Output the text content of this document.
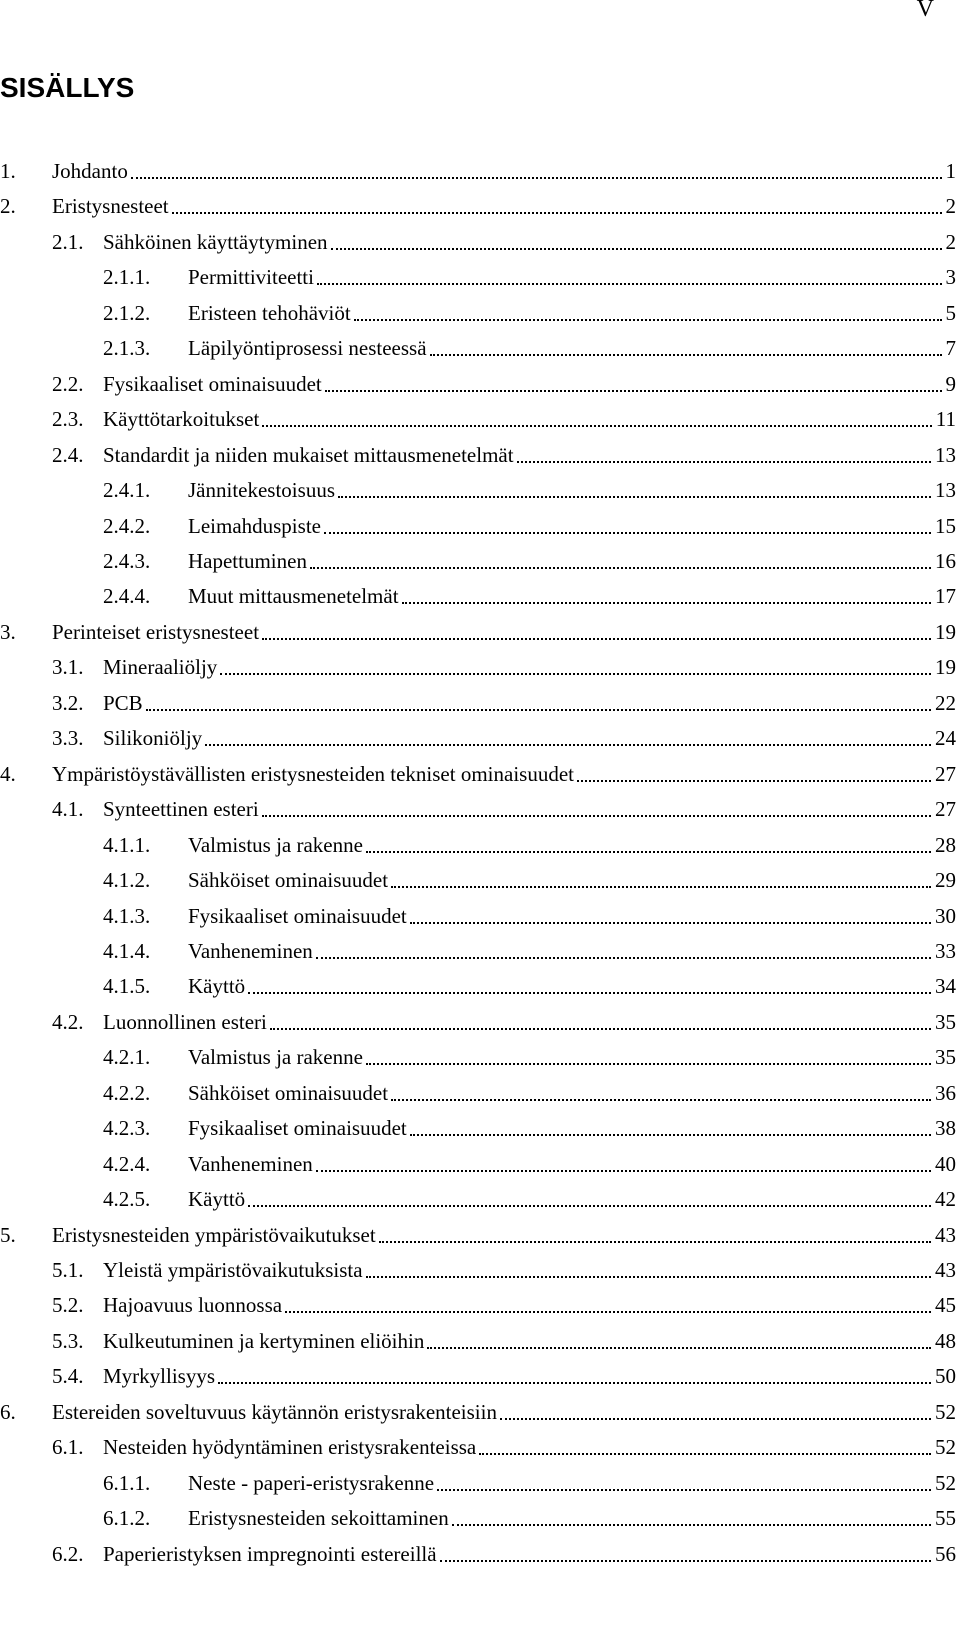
V
SISÄLLYS
1. Johdanto	1
2. Eristysnesteet	2
2.1. Sähköinen käyttäytyminen	2
2.1.1. Permittiviteetti	3
2.1.2. Eristeen tehohäviöt	5
2.1.3. Läpilyöntiprosessi nesteessä	7
2.2. Fysikaaliset ominaisuudet	9
2.3. Käyttötarkoitukset	11
2.4. Standardit ja niiden mukaiset mittausmenetelmät	13
2.4.1. Jännitekestoisuus	13
2.4.2. Leimahduspiste	15
2.4.3. Hapettuminen	16
2.4.4. Muut mittausmenetelmät	17
3. Perinteiset eristysnesteet	19
3.1. Mineraaliöljy	19
3.2. PCB	22
3.3. Silikoniöljy	24
4. Ympäristöystävällisten eristysnesteiden tekniset ominaisuudet	27
4.1. Synteettinen esteri	27
4.1.1. Valmistus ja rakenne	28
4.1.2. Sähköiset ominaisuudet	29
4.1.3. Fysikaaliset ominaisuudet	30
4.1.4. Vanheneminen	33
4.1.5. Käyttö	34
4.2. Luonnollinen esteri	35
4.2.1. Valmistus ja rakenne	35
4.2.2. Sähköiset ominaisuudet	36
4.2.3. Fysikaaliset ominaisuudet	38
4.2.4. Vanheneminen	40
4.2.5. Käyttö	42
5. Eristysnesteiden ympäristövaikutukset	43
5.1. Yleistä ympäristövaikutuksista	43
5.2. Hajoavuus luonnossa	45
5.3. Kulkeutuminen ja kertyminen eliöihin	48
5.4. Myrkyllisyys	50
6. Estereiden soveltuvuus käytännön eristysrakenteisiin	52
6.1. Nesteiden hyödyntäminen eristysrakenteissa	52
6.1.1. Neste - paperi-eristysrakenne	52
6.1.2. Eristysnesteiden sekoittaminen	55
6.2. Paperieristyksen impregnointi estereillä	56
